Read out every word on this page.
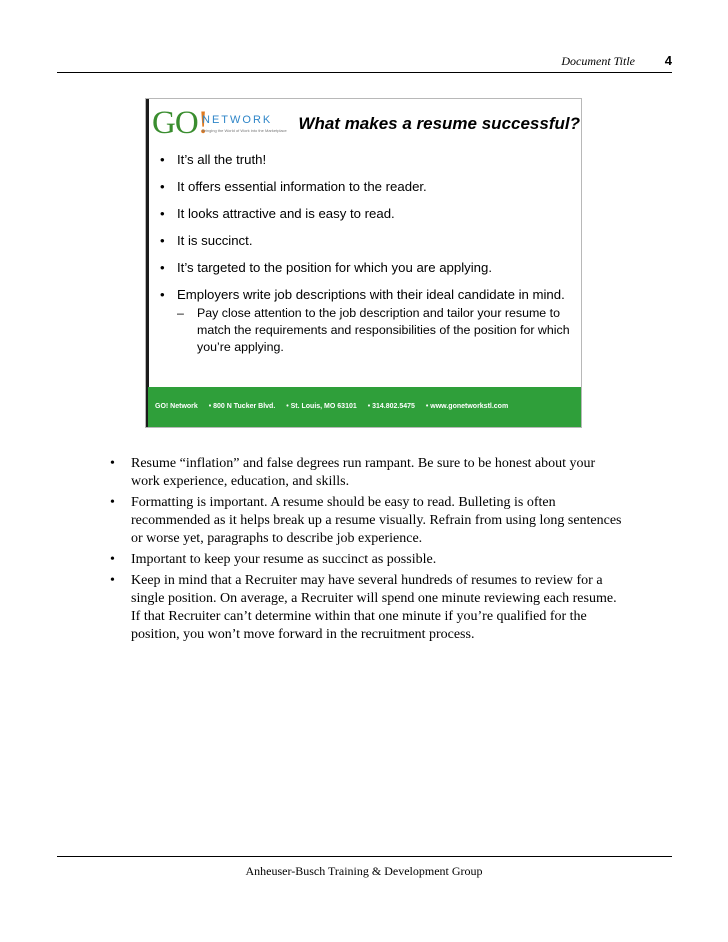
Document Title	4
GO!
NETWORK
Bringing the World of Work into the Marketplace What makes a resume successful?
• It’s all the truth!
• It offers essential information to the reader.
• It looks attractive and is easy to read.
• It is succinct.
• It’s targeted to the position for which you are applying.
• Employers write job descriptions with their ideal candidate in mind.
– Pay close attention to the job description and tailor your resume to match the requirements and responsibilities of the position for which you’re applying.
GO! Network • 800 N Tucker Blvd. • St. Louis, MO 63101 • 314.802.5475 • www.gonetworkstl.com
• Resume “inflation” and false degrees run rampant. Be sure to be honest about your work experience, education, and skills.
• Formatting is important. A resume should be easy to read. Bulleting is often recommended as it helps break up a resume visually. Refrain from using long sentences or worse yet, paragraphs to describe job experience.
• Important to keep your resume as succinct as possible.
• Keep in mind that a Recruiter may have several hundreds of resumes to review for a single position. On average, a Recruiter will spend one minute reviewing each resume. If that Recruiter can’t determine within that one minute if you’re qualified for the position, you won’t move forward in the recruitment process.
Anheuser-Busch Training & Development Group
